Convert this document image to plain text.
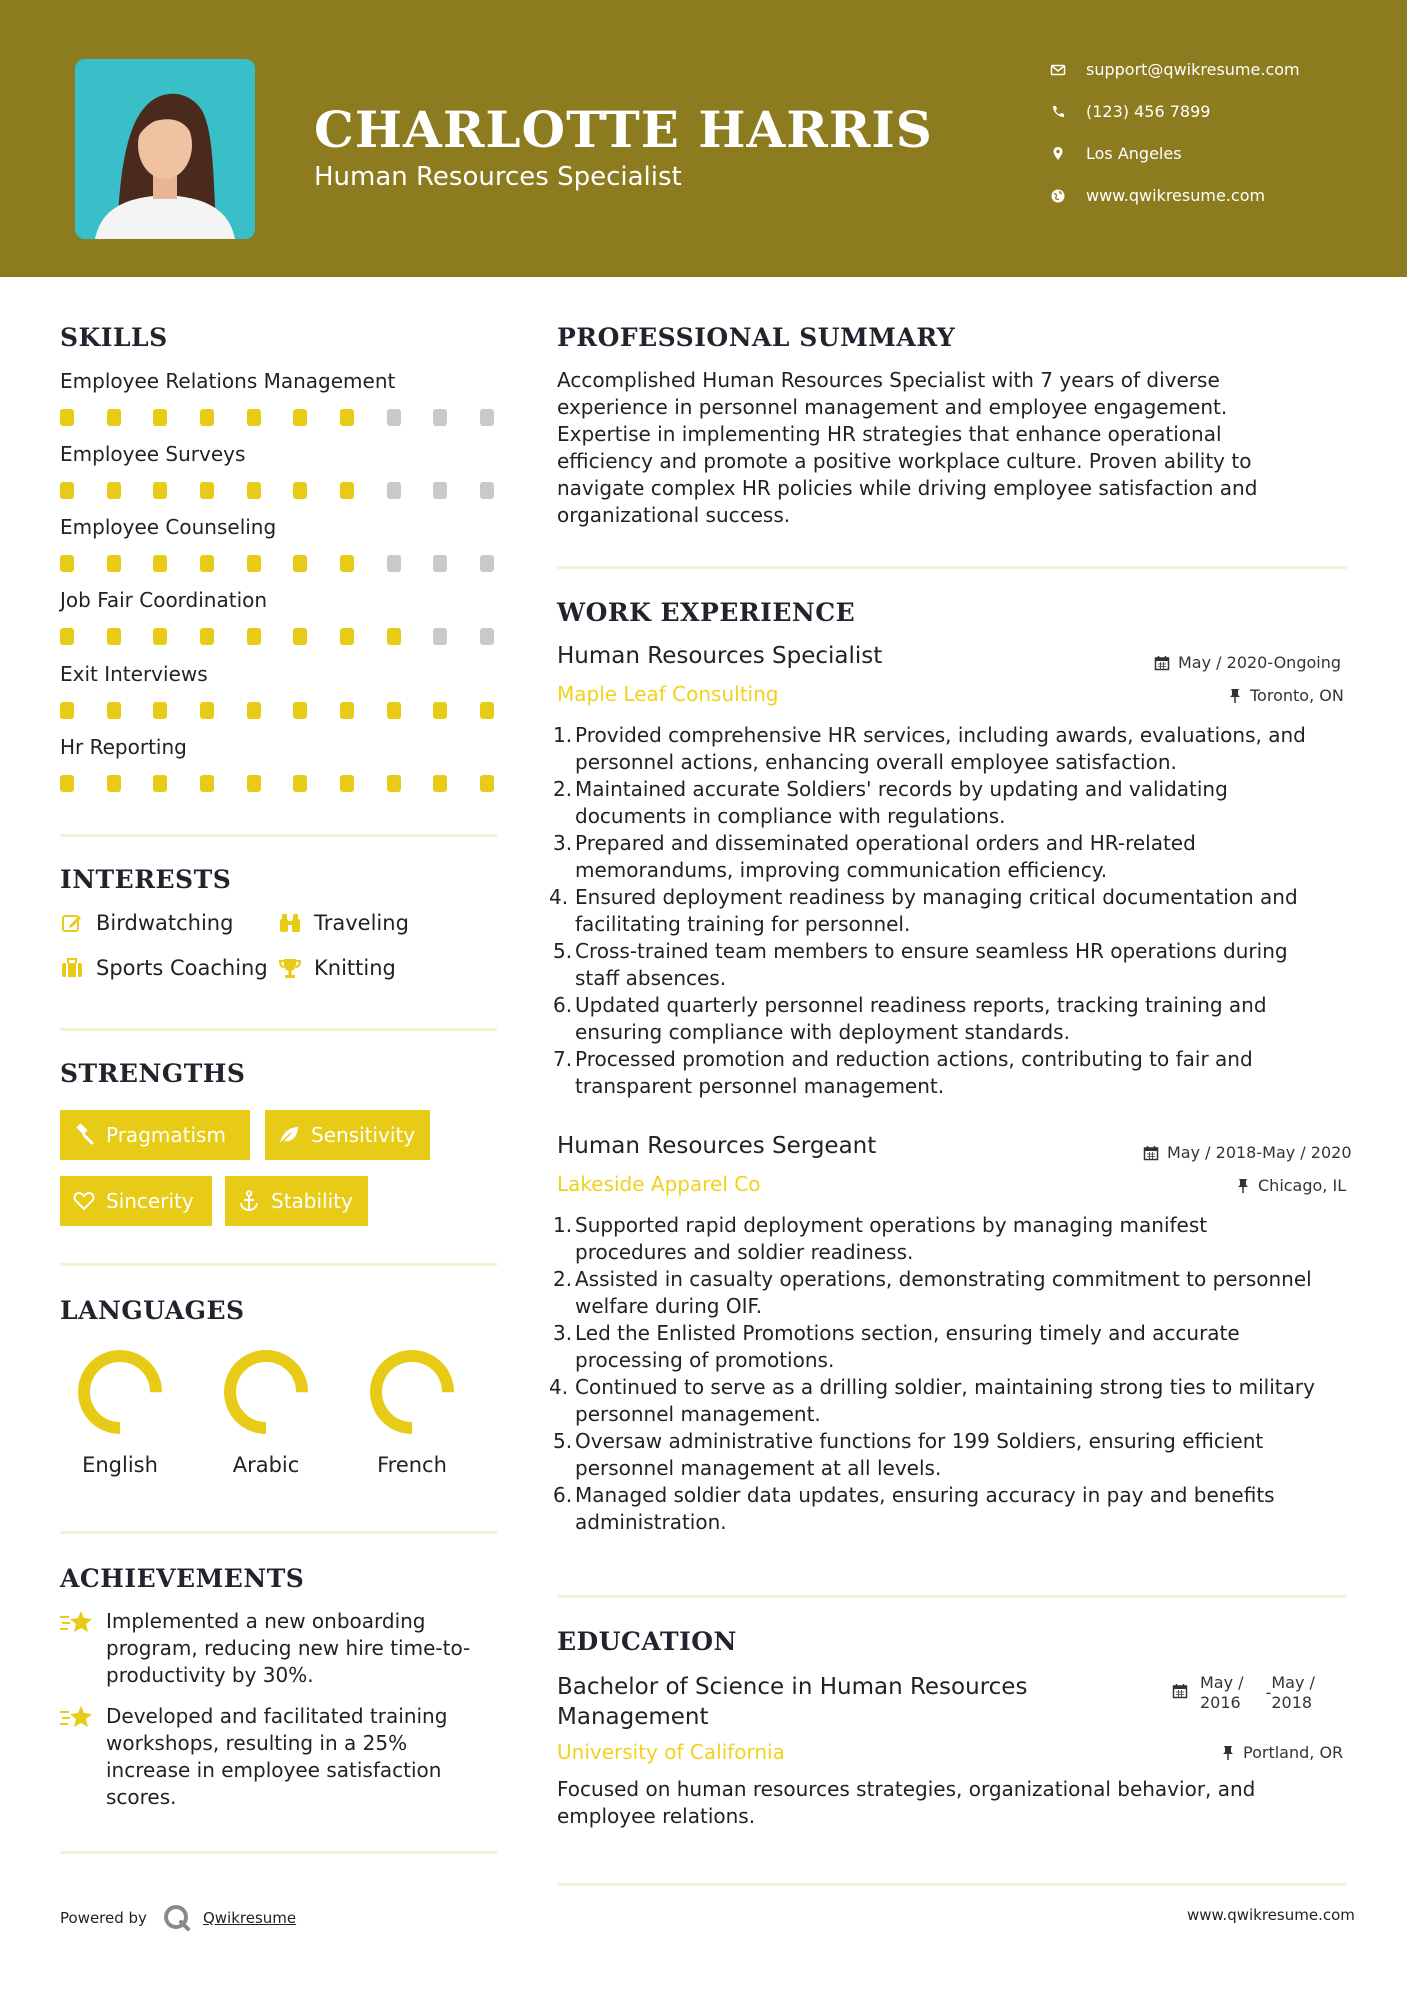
CHARLOTTE HARRIS
Human Resources Specialist
support@qwikresume.com
(123) 456 7899
Los Angeles
www.qwikresume.com
SKILLS
Employee Relations Management
Employee Surveys
Employee Counseling
Job Fair Coordination
Exit Interviews
Hr Reporting
INTERESTS
Birdwatching	Traveling
Sports Coaching Knitting
STRENGTHS
Pragmatism	Sensitivity
Sincerity	Stability
LANGUAGES
English	Arabic	French
ACHIEVEMENTS
Implemented a new onboarding
program, reducing new hire time-to-
productivity by 30%.
Developed and facilitated training
workshops, resulting in a 25%
increase in employee satisfaction
scores.
PROFESSIONAL SUMMARY
Accomplished Human Resources Specialist with 7 years of diverse
experience in personnel management and employee engagement.
Expertise in implementing HR strategies that enhance operational
efficiency and promote a positive workplace culture. Proven ability to
navigate complex HR policies while driving employee satisfaction and
organizational success.
WORK EXPERIENCE
Human Resources Specialist	May / 2020-Ongoing
Maple Leaf Consulting	Toronto, ON
1. Provided comprehensive HR services, including awards, evaluations, and
personnel actions, enhancing overall employee satisfaction.
2. Maintained accurate Soldiers' records by updating and validating
documents in compliance with regulations.
3. Prepared and disseminated operational orders and HR-related
memorandums, improving communication efficiency.
4. Ensured deployment readiness by managing critical documentation and
facilitating training for personnel.
5. Cross-trained team members to ensure seamless HR operations during
staff absences.
6. Updated quarterly personnel readiness reports, tracking training and
ensuring compliance with deployment standards.
7. Processed promotion and reduction actions, contributing to fair and
transparent personnel management.
Human Resources Sergeant	May / 2018-May / 2020
Lakeside Apparel Co	Chicago, IL
1. Supported rapid deployment operations by managing manifest
procedures and soldier readiness.
2. Assisted in casualty operations, demonstrating commitment to personnel
welfare during OIF.
3. Led the Enlisted Promotions section, ensuring timely and accurate
processing of promotions.
4. Continued to serve as a drilling soldier, maintaining strong ties to military
personnel management.
5. Oversaw administrative functions for 199 Soldiers, ensuring efficient
personnel management at all levels.
6. Managed soldier data updates, ensuring accuracy in pay and benefits
administration.
EDUCATION
Bachelor of Science in Human Resources
Management
May /
2016
-
May /
2018
University of California	Portland, OR
Focused on human resources strategies, organizational behavior, and
employee relations.
Powered by	Qwikresume	www.qwikresume.com
